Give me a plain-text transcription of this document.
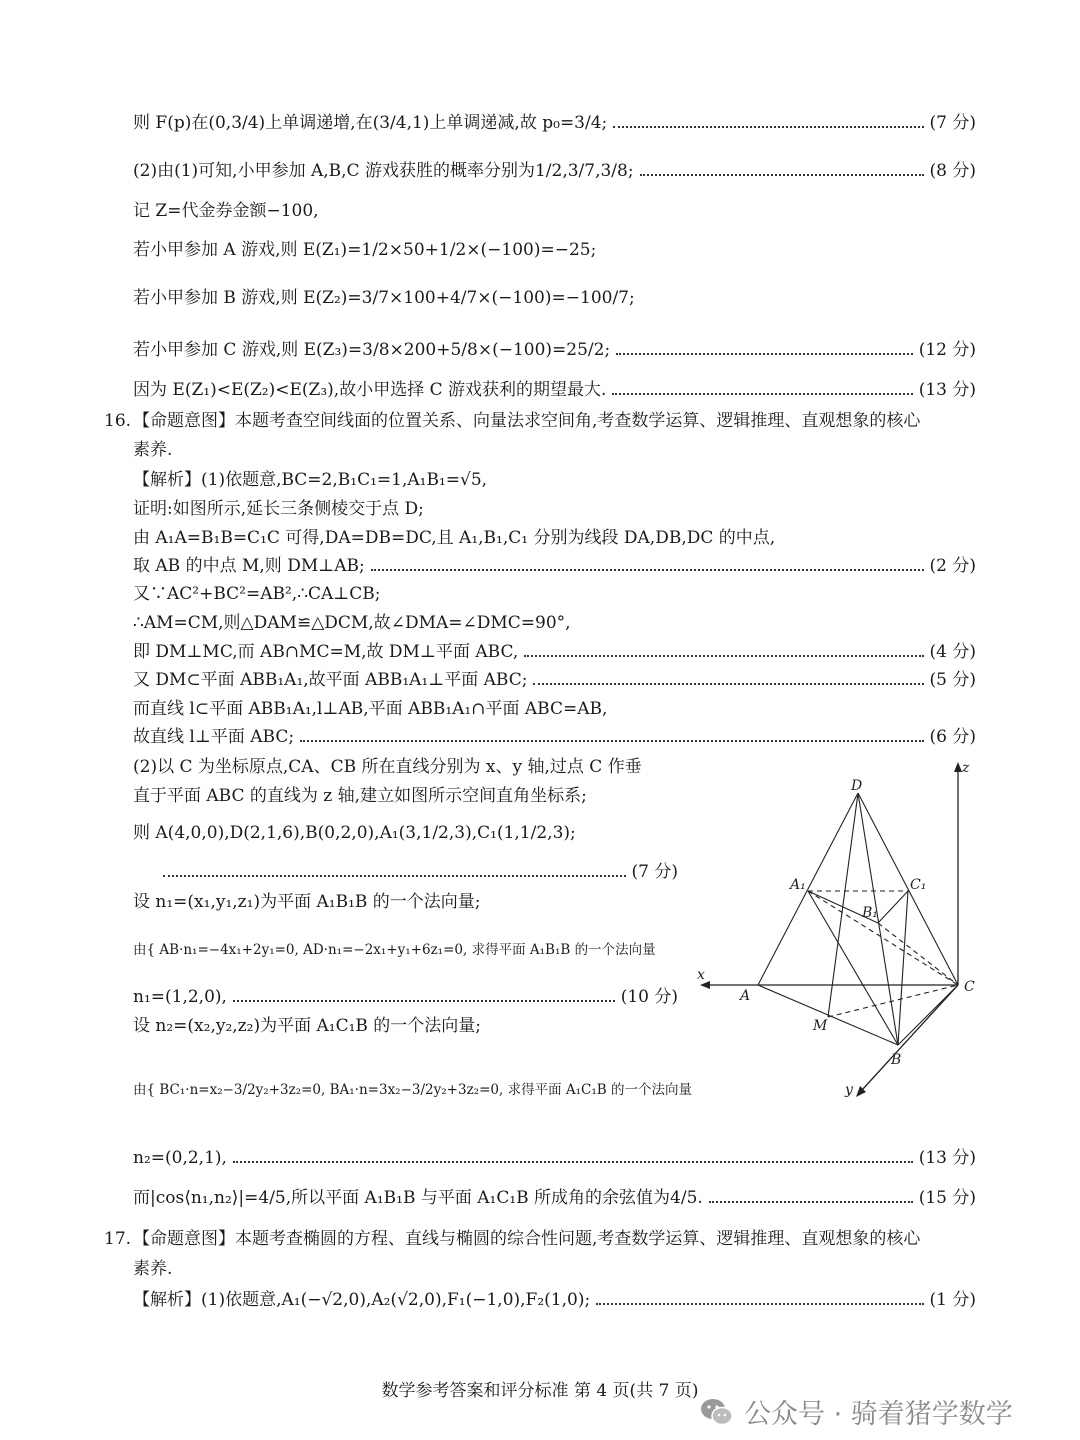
则 F(p)在(0,3/4)上单调递增,在(3/4,1)上单调递减,故 p₀=3/4;	(7 分)
(2)由(1)可知,小甲参加 A,B,C 游戏获胜的概率分别为1/2,3/7,3/8;	(8 分)
记 Z=代金券金额−100,
若小甲参加 A 游戏,则 E(Z₁)=1/2×50+1/2×(−100)=−25;
若小甲参加 B 游戏,则 E(Z₂)=3/7×100+4/7×(−100)=−100/7;
若小甲参加 C 游戏,则 E(Z₃)=3/8×200+5/8×(−100)=25/2;	(12 分)
因为 E(Z₁)<E(Z₂)<E(Z₃),故小甲选择 C 游戏获利的期望最大.	(13 分)
16. 【命题意图】本题考查空间线面的位置关系、向量法求空间角,考查数学运算、逻辑推理、直观想象的核心
素养.
【解析】(1)依题意,BC=2,B₁C₁=1,A₁B₁=√5,
证明:如图所示,延长三条侧棱交于点 D;
由 A₁A=B₁B=C₁C 可得,DA=DB=DC,且 A₁,B₁,C₁ 分别为线段 DA,DB,DC 的中点,
取 AB 的中点 M,则 DM⊥AB;	(2 分)
又∵AC²+BC²=AB²,∴CA⊥CB;
∴AM=CM,则△DAM≌△DCM,故∠DMA=∠DMC=90°,
即 DM⊥MC,而 AB∩MC=M,故 DM⊥平面 ABC,	(4 分)
又 DM⊂平面 ABB₁A₁,故平面 ABB₁A₁⊥平面 ABC;	(5 分)
而直线 l⊂平面 ABB₁A₁,l⊥AB,平面 ABB₁A₁∩平面 ABC=AB,
故直线 l⊥平面 ABC;	(6 分)
(2)以 C 为坐标原点,CA、CB 所在直线分别为 x、y 轴,过点 C 作垂
直于平面 ABC 的直线为 z 轴,建立如图所示空间直角坐标系;
则 A(4,0,0),D(2,1,6),B(0,2,0),A₁(3,1/2,3),C₁(1,1/2,3);
(7 分)
设 n₁=(x₁,y₁,z₁)为平面 A₁B₁B 的一个法向量;
由{ AB·n₁=−4x₁+2y₁=0, AD·n₁=−2x₁+y₁+6z₁=0, 求得平面 A₁B₁B 的一个法向量
n₁=(1,2,0),	(10 分)
设 n₂=(x₂,y₂,z₂)为平面 A₁C₁B 的一个法向量;
由{ BC₁·n=x₂−3/2y₂+3z₂=0, BA₁·n=3x₂−3/2y₂+3z₂=0, 求得平面 A₁C₁B 的一个法向量
n₂=(0,2,1),	(13 分)
而|cos⟨n₁,n₂⟩|=4/5,所以平面 A₁B₁B 与平面 A₁C₁B 所成角的余弦值为4/5.	(15 分)
17. 【命题意图】本题考查椭圆的方程、直线与椭圆的综合性问题,考查数学运算、逻辑推理、直观想象的核心
素养.
【解析】(1)依题意,A₁(−√2,0),A₂(√2,0),F₁(−1,0),F₂(1,0);	(1 分)
D
z
A₁	C₁
B₁
x
A
C
M
B
y
数学参考答案和评分标准 第 4 页(共 7 页)
公众号 · 骑着猪学数学
